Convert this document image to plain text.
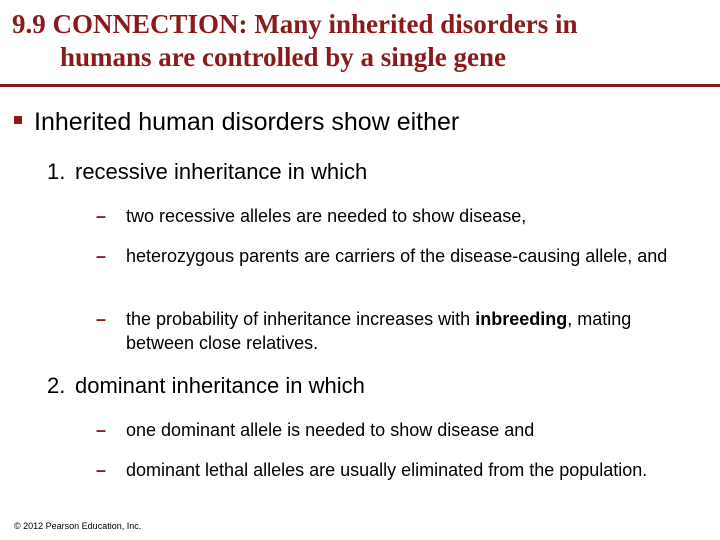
9.9 CONNECTION: Many inherited disorders in
humans are controlled by a single gene
Inherited human disorders show either
1. recessive inheritance in which
– two recessive alleles are needed to show disease,
– heterozygous parents are carriers of the disease-causing allele, and
– the probability of inheritance increases with inbreeding, mating between close relatives.
2. dominant inheritance in which
– one dominant allele is needed to show disease and
– dominant lethal alleles are usually eliminated from the population.
© 2012 Pearson Education, Inc.
